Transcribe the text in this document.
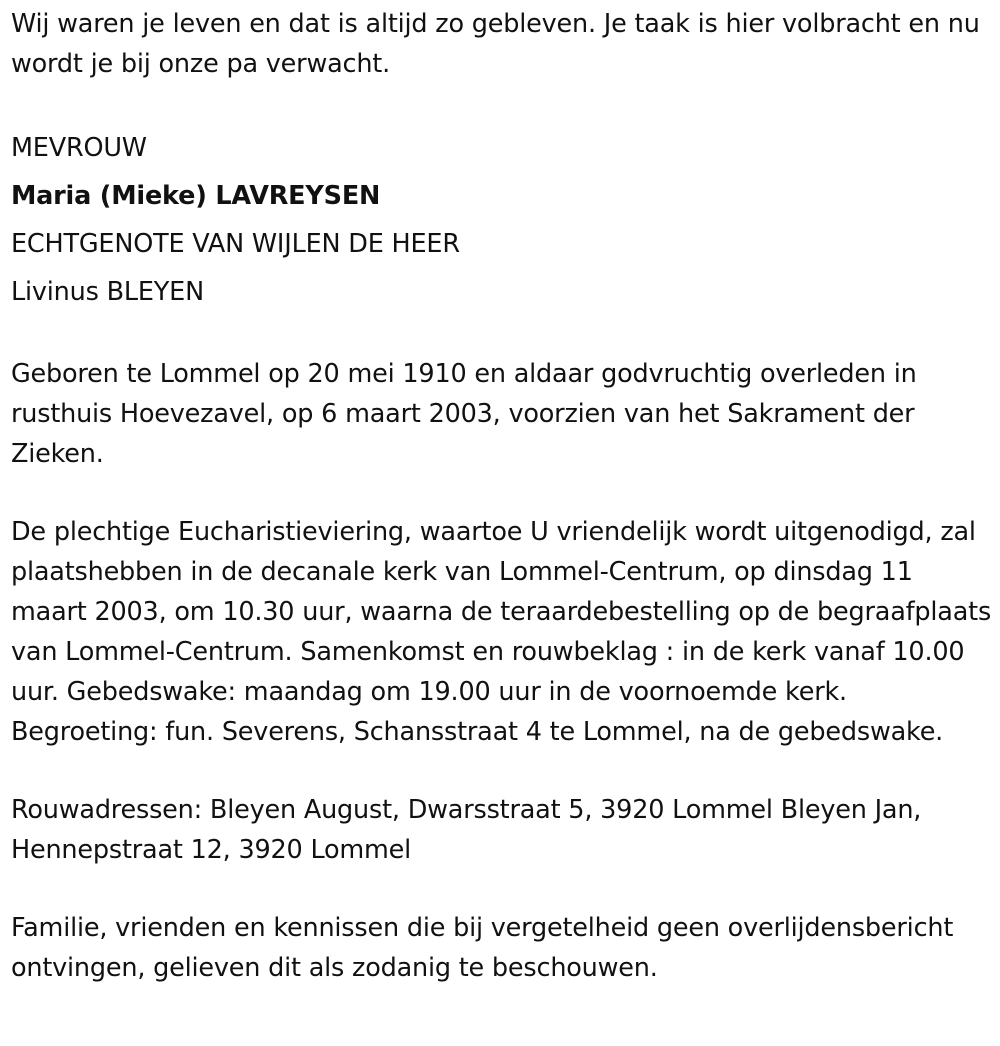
Wij waren je leven en dat is altijd zo gebleven. Je taak is hier volbracht en nu wordt je bij onze pa verwacht.

MEVROUW

Maria (Mieke) LAVREYSEN

ECHTGENOTE VAN WIJLEN DE HEER

Livinus BLEYEN

Geboren te Lommel op 20 mei 1910 en aldaar godvruchtig overleden in rusthuis Hoevezavel, op 6 maart 2003, voorzien van het Sakrament der Zieken.

De plechtige Eucharistieviering, waartoe U vriendelijk wordt uitgenodigd, zal plaatshebben in de decanale kerk van Lommel-Centrum, op dinsdag 11 maart 2003, om 10.30 uur, waarna de teraardebestelling op de begraafplaats van Lommel-Centrum. Samenkomst en rouwbeklag : in de kerk vanaf 10.00 uur. Gebedswake: maandag om 19.00 uur in de voornoemde kerk. Begroeting: fun. Severens, Schansstraat 4 te Lommel, na de gebedswake.

Rouwadressen: Bleyen August, Dwarsstraat 5, 3920 Lommel Bleyen Jan, Hennepstraat 12, 3920 Lommel

Familie, vrienden en kennissen die bij vergetelheid geen overlijdensbericht ontvingen, gelieven dit als zodanig te beschouwen.
